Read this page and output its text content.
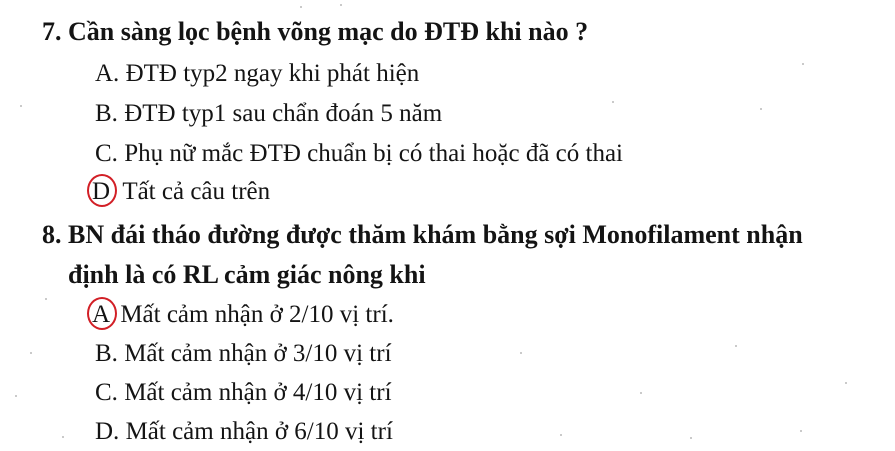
7. Cần sàng lọc bệnh võng mạc do ĐTĐ khi nào ?
A. ĐTĐ typ2 ngay khi phát hiện
B. ĐTĐ typ1 sau chẩn đoán 5 năm
C. Phụ nữ mắc ĐTĐ chuẩn bị có thai hoặc đã có thai
D Tất cả câu trên
8. BN đái tháo đường được thăm khám bằng sợi Monofilament nhận
định là có RL cảm giác nông khi
A Mất cảm nhận ở 2/10 vị trí.
B. Mất cảm nhận ở 3/10 vị trí
C. Mất cảm nhận ở 4/10 vị trí
D. Mất cảm nhận ở 6/10 vị trí
